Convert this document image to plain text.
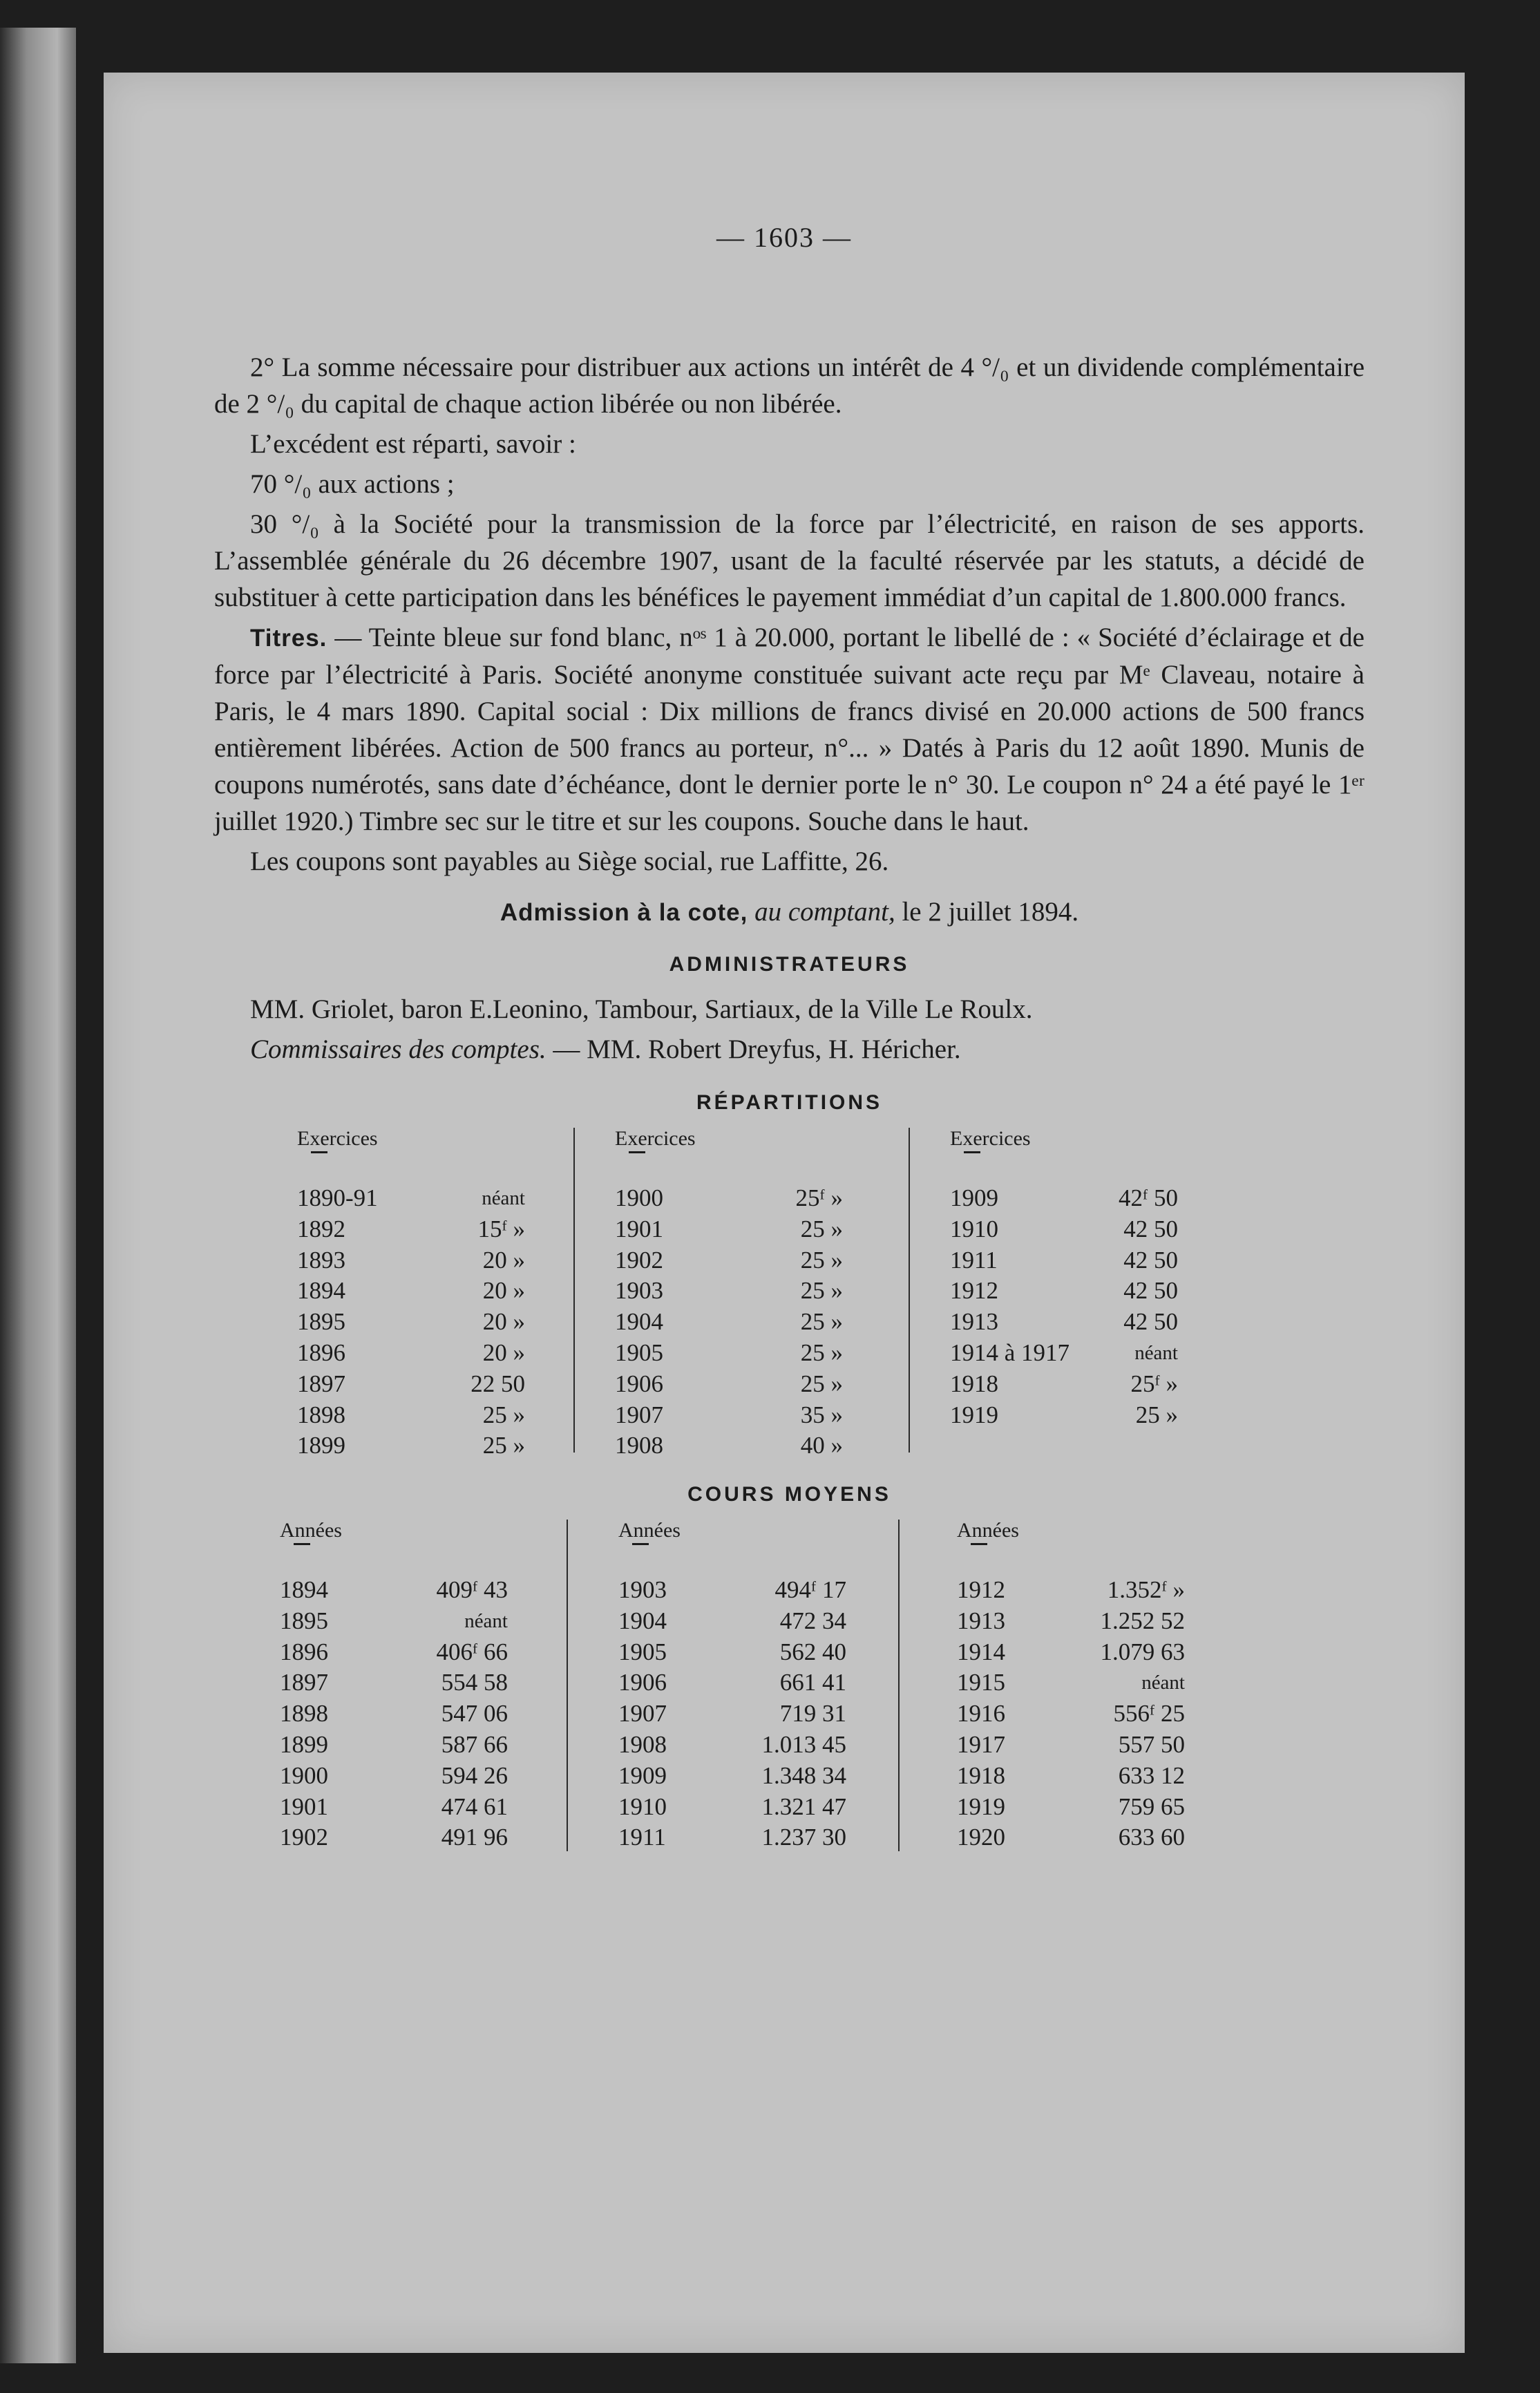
— 1603 —

2° La somme nécessaire pour distribuer aux actions un intérêt de 4 °/₀ et un dividende complémentaire de 2 °/₀ du capital de chaque action libérée ou non libérée.

L’excédent est réparti, savoir :

70 °/₀ aux actions ;

30 °/₀ à la Société pour la transmission de la force par l’électricité, en raison de ses apports. L’assemblée générale du 26 décembre 1907, usant de la faculté réservée par les statuts, a décidé de substituer à cette participation dans les bénéfices le payement immédiat d’un capital de 1.800.000 francs.

Titres. — Teinte bleue sur fond blanc, nᵒˢ 1 à 20.000, portant le libellé de : « Société d’éclairage et de force par l’électricité à Paris. Société anonyme constituée suivant acte reçu par Mᵉ Claveau, notaire à Paris, le 4 mars 1890. Capital social : Dix millions de francs divisé en 20.000 actions de 500 francs entièrement libérées. Action de 500 francs au porteur, n°... » Datés à Paris du 12 août 1890. Munis de coupons numérotés, sans date d’échéance, dont le dernier porte le n° 30. Le coupon n° 24 a été payé le 1ᵉʳ juillet 1920.) Timbre sec sur le titre et sur les coupons. Souche dans le haut.

Les coupons sont payables au Siège social, rue Laffitte, 26.

Admission à la cote, au comptant, le 2 juillet 1894.

ADMINISTRATEURS

MM. Griolet, baron E.Leonino, Tambour, Sartiaux, de la Ville Le Roulx.

Commissaires des comptes. — MM. Robert Dreyfus, H. Héricher.

RÉPARTITIONS
Exercices
1890-91	néant
1892	15ᶠ »
1893	20 »
1894	20 »
1895	20 »
1896	20 »
1897	22 50
1898	25 »
1899	25 »
Exercices
1900	25ᶠ »
1901	25 »
1902	25 »
1903	25 »
1904	25 »
1905	25 »
1906	25 »
1907	35 »
1908	40 »
Exercices
1909	42ᶠ 50
1910	42 50
1911	42 50
1912	42 50
1913	42 50
1914 à 1917	néant
1918	25ᶠ »
1919	25 »
COURS MOYENS
Années
1894	409ᶠ 43
1895	néant
1896	406ᶠ 66
1897	554 58
1898	547 06
1899	587 66
1900	594 26
1901	474 61
1902	491 96
Années
1903	494ᶠ 17
1904	472 34
1905	562 40
1906	661 41
1907	719 31
1908	1.013 45
1909	1.348 34
1910	1.321 47
1911	1.237 30
Années
1912	1.352ᶠ »
1913	1.252 52
1914	1.079 63
1915	néant
1916	556ᶠ 25
1917	557 50
1918	633 12
1919	759 65
1920	633 60
